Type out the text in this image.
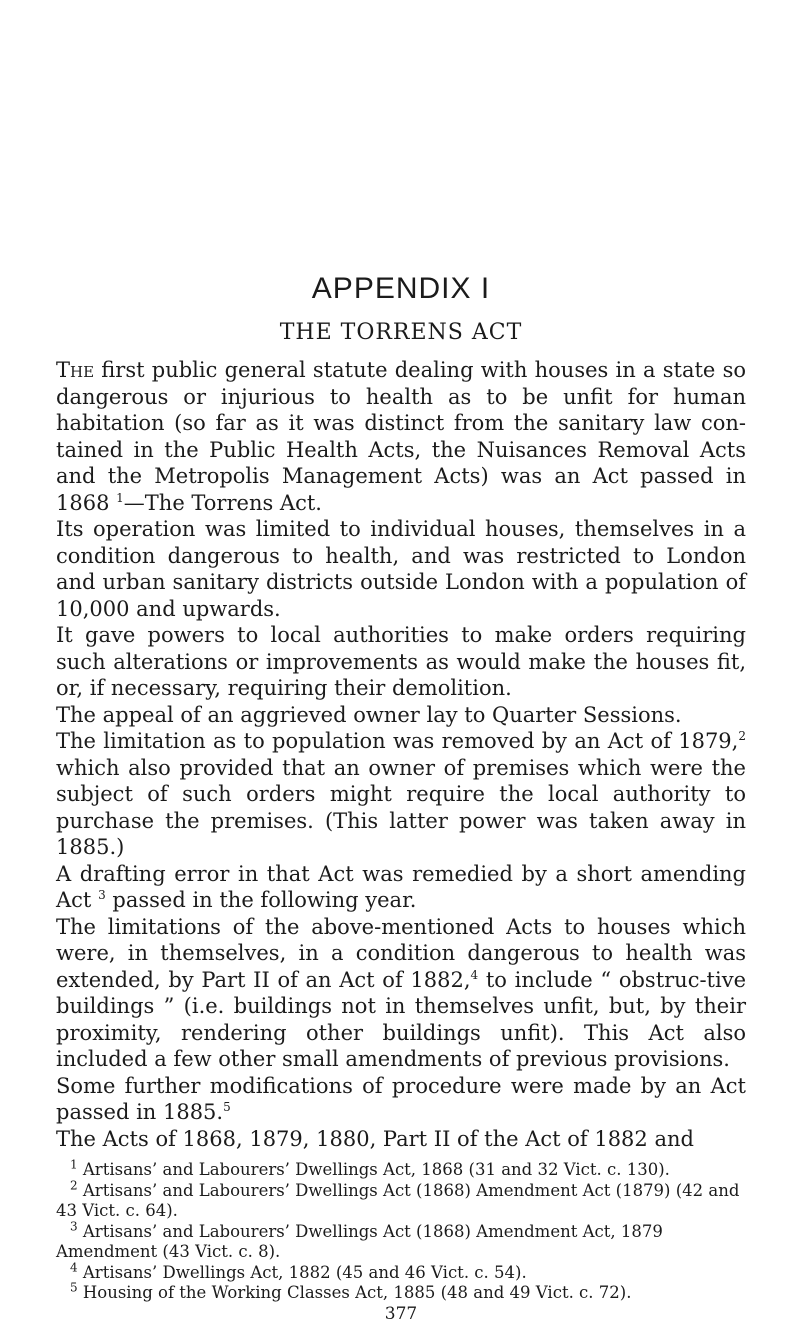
APPENDIX I
THE TORRENS ACT

The first public general statute dealing with houses in a state so dangerous or injurious to health as to be unfit for human habitation (so far as it was distinct from the sanitary law con-tained in the Public Health Acts, the Nuisances Removal Acts and the Metropolis Management Acts) was an Act passed in 1868 $^1$—The Torrens Act.

Its operation was limited to individual houses, themselves in a condition dangerous to health, and was restricted to London and urban sanitary districts outside London with a population of 10,000 and upwards.

It gave powers to local authorities to make orders requiring such alterations or improvements as would make the houses fit, or, if necessary, requiring their demolition.

The appeal of an aggrieved owner lay to Quarter Sessions.

The limitation as to population was removed by an Act of 1879,$^2$ which also provided that an owner of premises which were the subject of such orders might require the local authority to purchase the premises. (This latter power was taken away in 1885.)

A drafting error in that Act was remedied by a short amending Act $^3$ passed in the following year.

The limitations of the above-mentioned Acts to houses which were, in themselves, in a condition dangerous to health was extended, by Part II of an Act of 1882,$^4$ to include “ obstruc-tive buildings ” (i.e. buildings not in themselves unfit, but, by their proximity, rendering other buildings unfit). This Act also included a few other small amendments of previous provisions.

Some further modifications of procedure were made by an Act passed in 1885.$^5$

The Acts of 1868, 1879, 1880, Part II of the Act of 1882 and

$^1$ Artisans’ and Labourers’ Dwellings Act, 1868 (31 and 32 Vict. c. 130).

$^2$ Artisans’ and Labourers’ Dwellings Act (1868) Amendment Act (1879) (42 and 43 Vict. c. 64).

$^3$ Artisans’ and Labourers’ Dwellings Act (1868) Amendment Act, 1879 Amendment (43 Vict. c. 8).

$^4$ Artisans’ Dwellings Act, 1882 (45 and 46 Vict. c. 54).

$^5$ Housing of the Working Classes Act, 1885 (48 and 49 Vict. c. 72).

377
